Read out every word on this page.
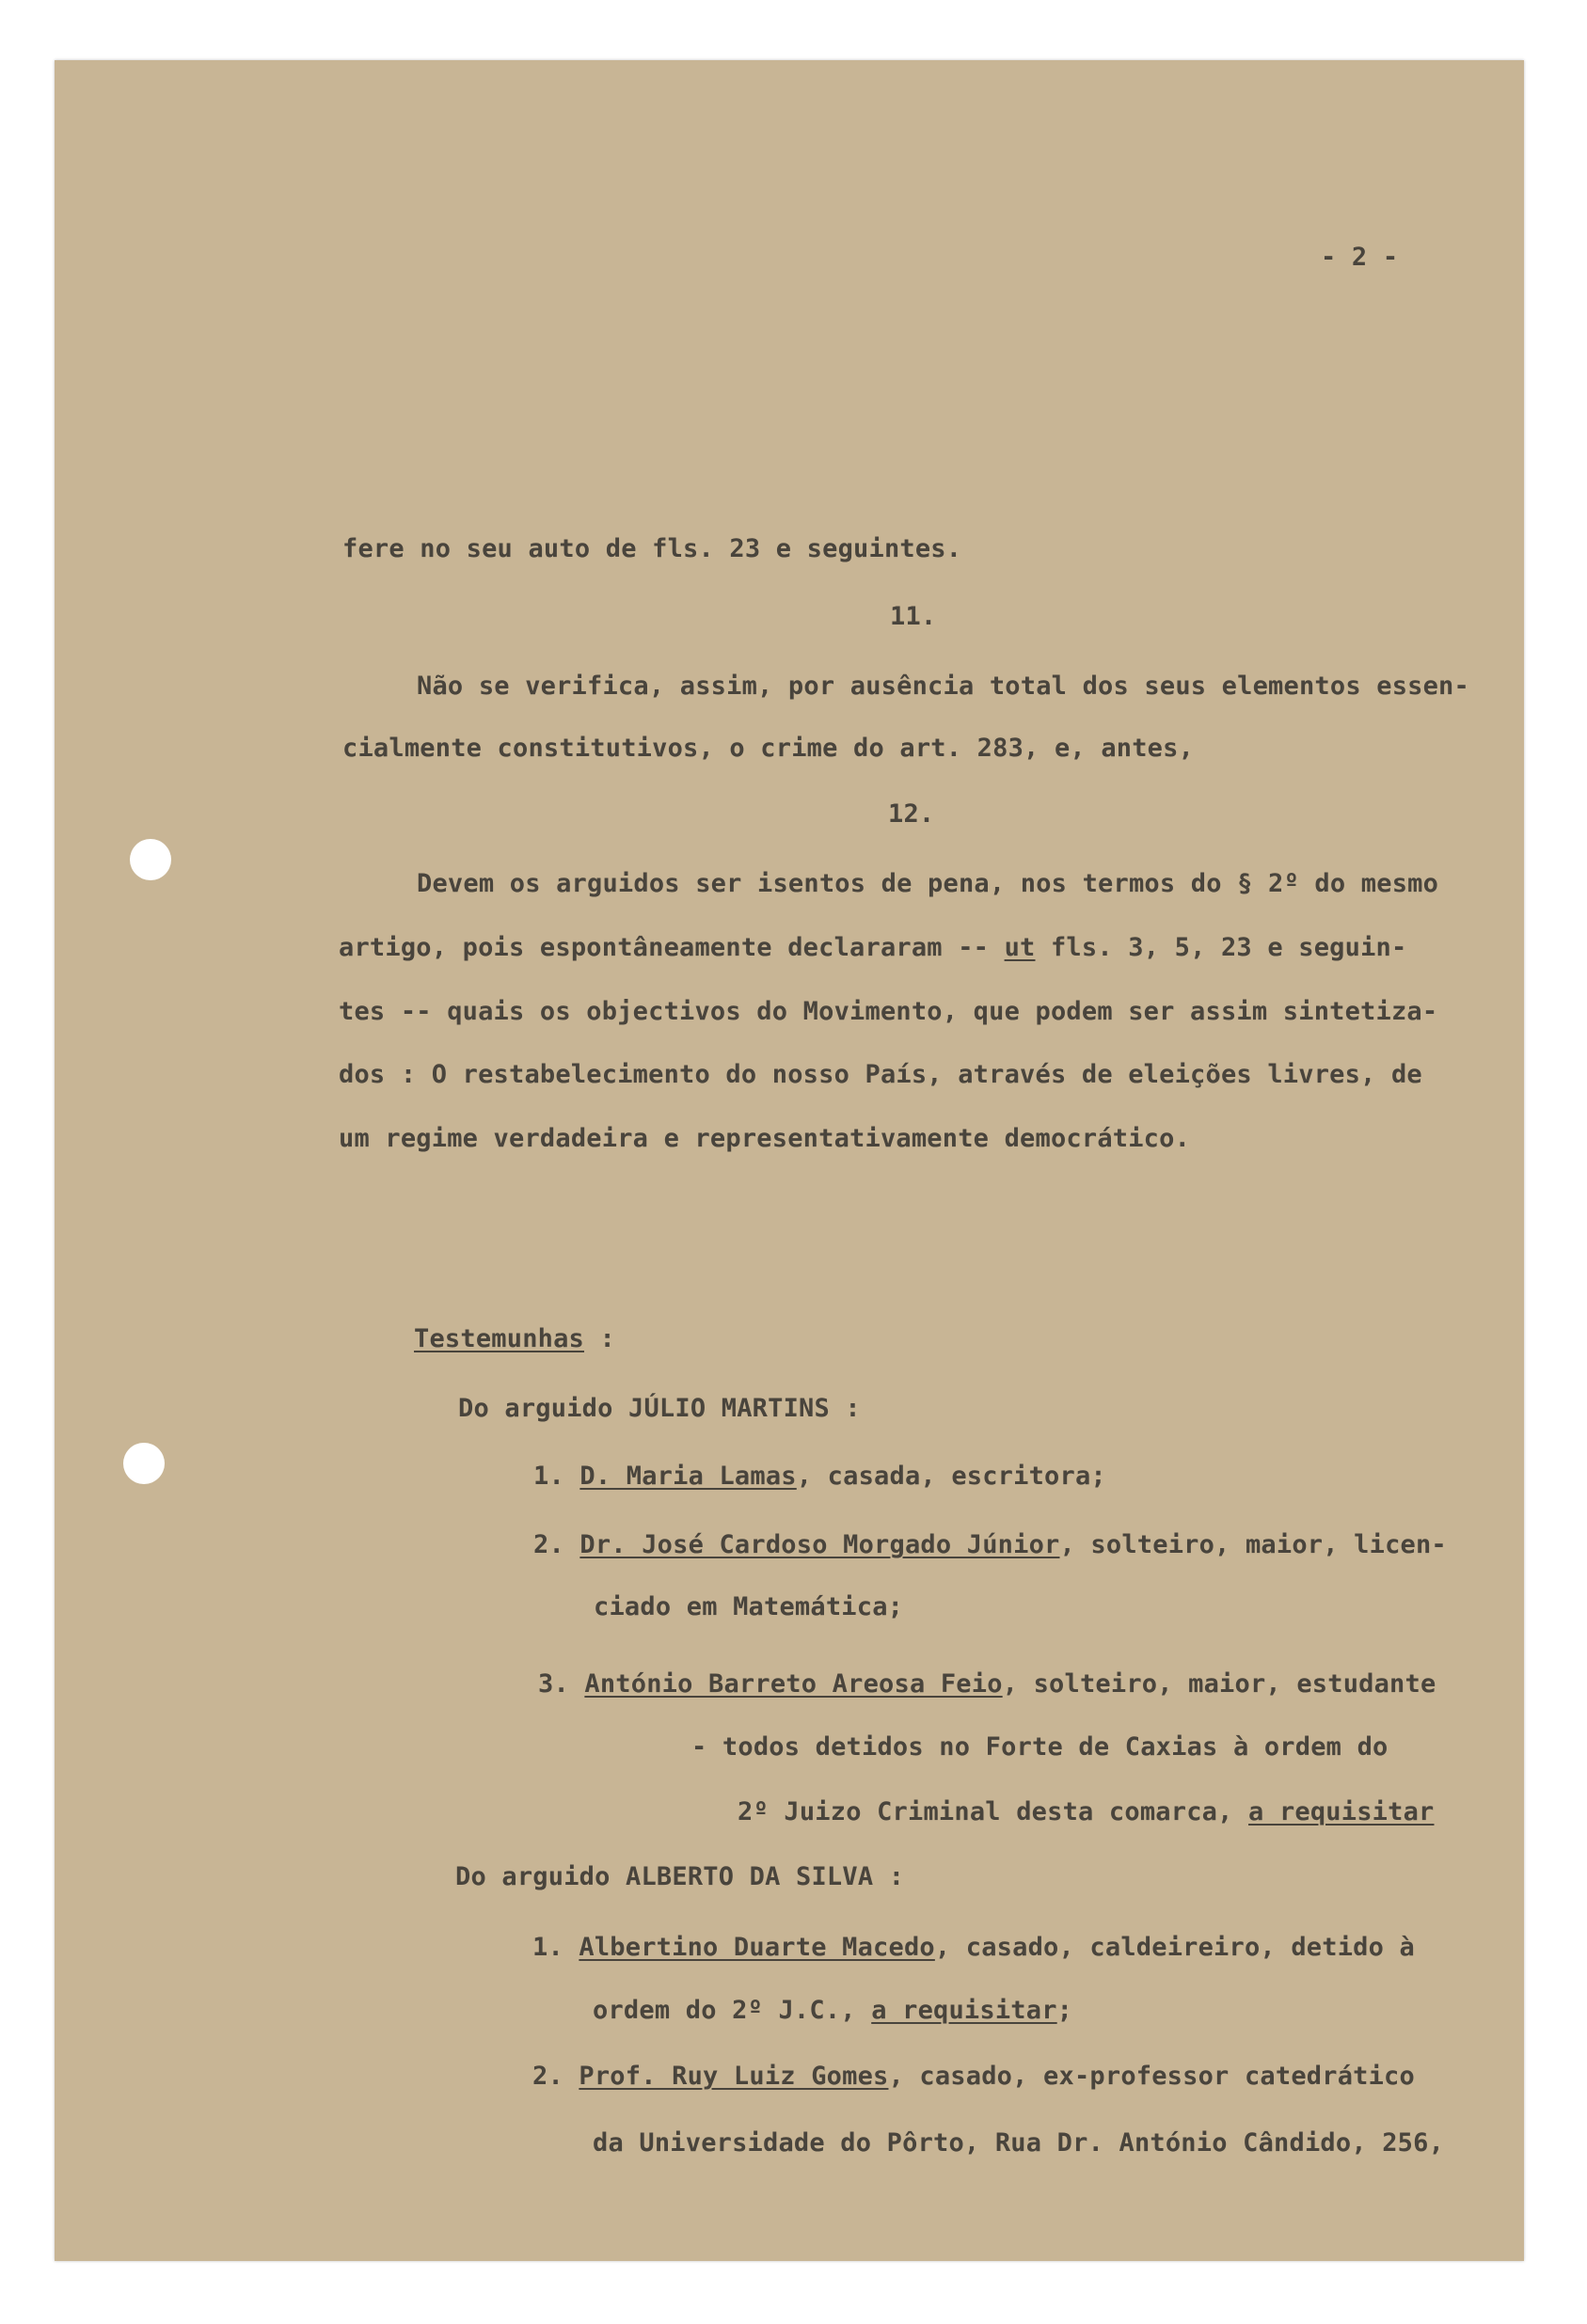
- 2 -
fere no seu auto de fls. 23 e seguintes.
11.
Não se verifica, assim, por ausência total dos seus elementos essen-
cialmente constitutivos, o crime do art. 283, e, antes,
12.
Devem os arguidos ser isentos de pena, nos termos do § 2º do mesmo
artigo, pois espontâneamente declararam -- ut fls. 3, 5, 23 e seguin-
tes -- quais os objectivos do Movimento, que podem ser assim sintetiza-
dos : O restabelecimento do nosso País, através de eleições livres, de
um regime verdadeira e representativamente democrático.
Testemunhas :
Do arguido JÚLIO MARTINS :
1. D. Maria Lamas, casada, escritora;
2. Dr. José Cardoso Morgado Júnior, solteiro, maior, licen-
ciado em Matemática;
3. António Barreto Areosa Feio, solteiro, maior, estudante
- todos detidos no Forte de Caxias à ordem do
2º Juizo Criminal desta comarca, a requisitar
Do arguido ALBERTO DA SILVA :
1. Albertino Duarte Macedo, casado, caldeireiro, detido à
ordem do 2º J.C., a requisitar;
2. Prof. Ruy Luiz Gomes, casado, ex-professor catedrático
da Universidade do Pôrto, Rua Dr. António Cândido, 256,
